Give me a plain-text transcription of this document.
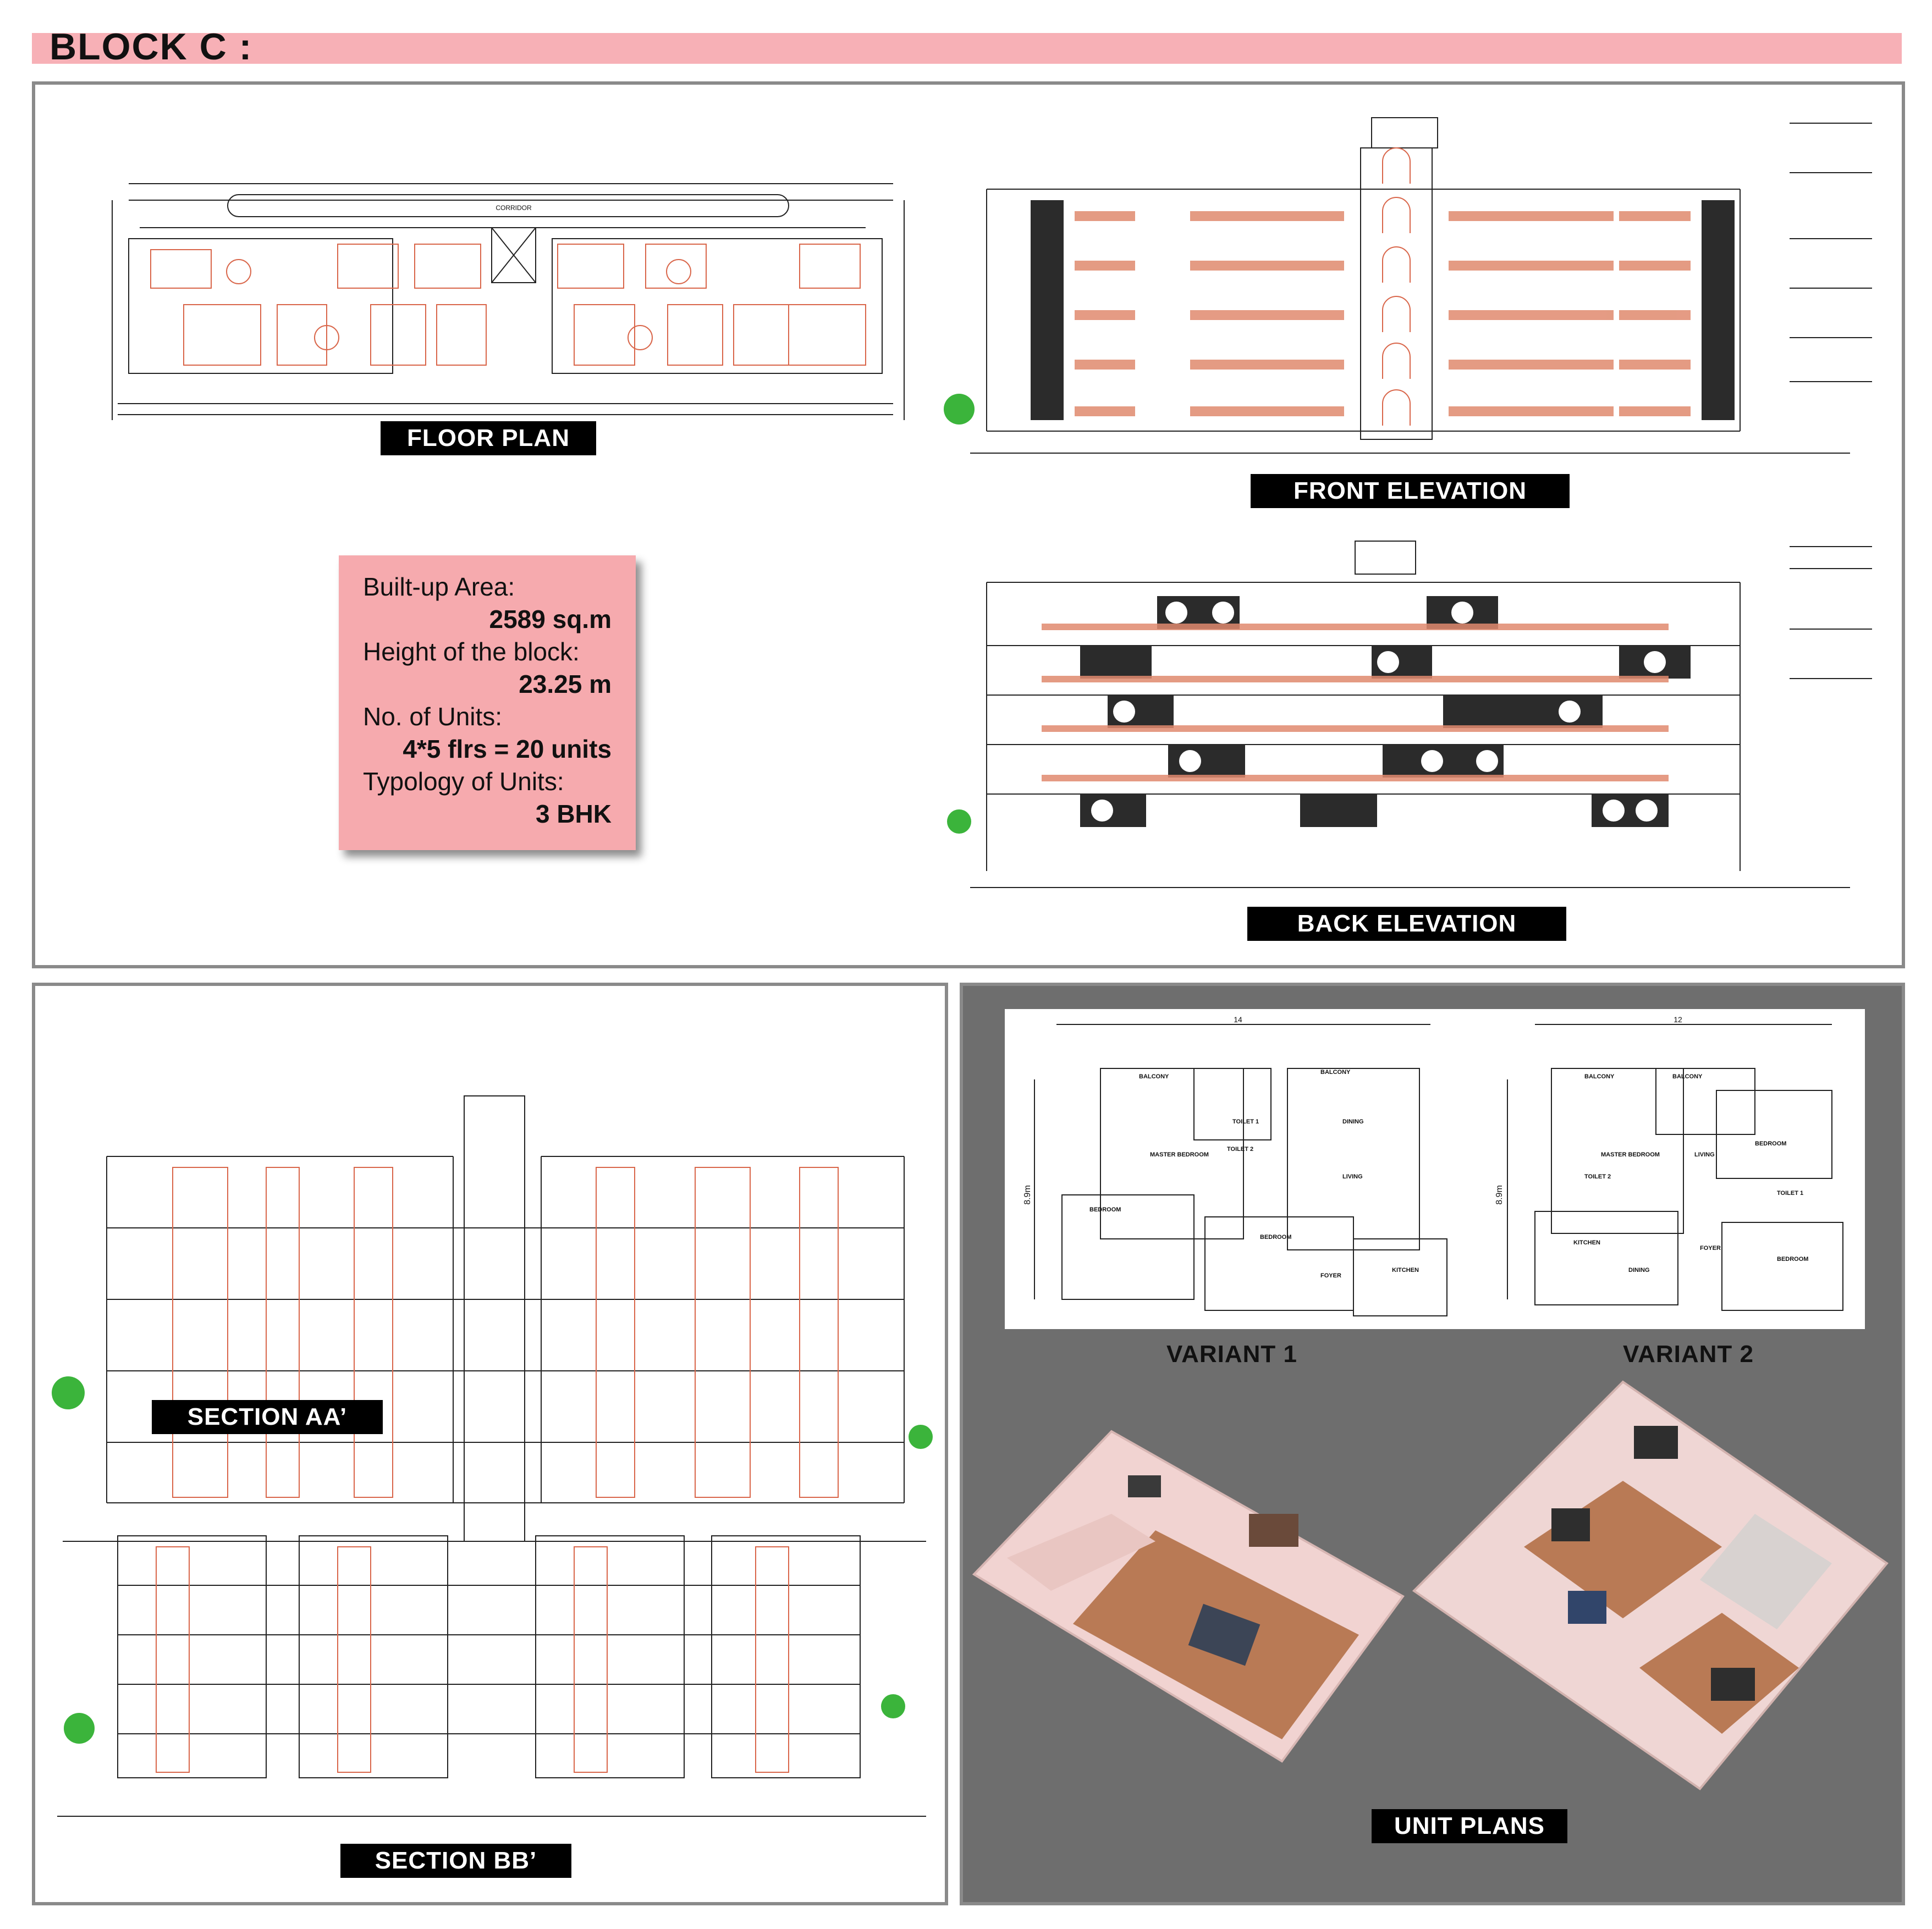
BLOCK C :
CORRIDOR
FLOOR PLAN
FRONT ELEVATION
BACK ELEVATION
Built-up Area:
2589 sq.m
Height of the block:
23.25 m
No. of Units:
4*5 flrs = 20 units
Typology of Units:
3 BHK
SECTION AA’
SECTION BB’
14
8.9m
BALCONY
BALCONY
DINING
MASTER BEDROOM
TOILET 1
TOILET 2
LIVING
BEDROOM
BEDROOM
FOYER
KITCHEN
12
8.9m
BALCONY	BALCONY
MASTER BEDROOM	LIVING
BEDROOM
TOILET 2
TOILET 1
KITCHEN
DINING
FOYER
BEDROOM
VARIANT 1	VARIANT 2
UNIT PLANS
